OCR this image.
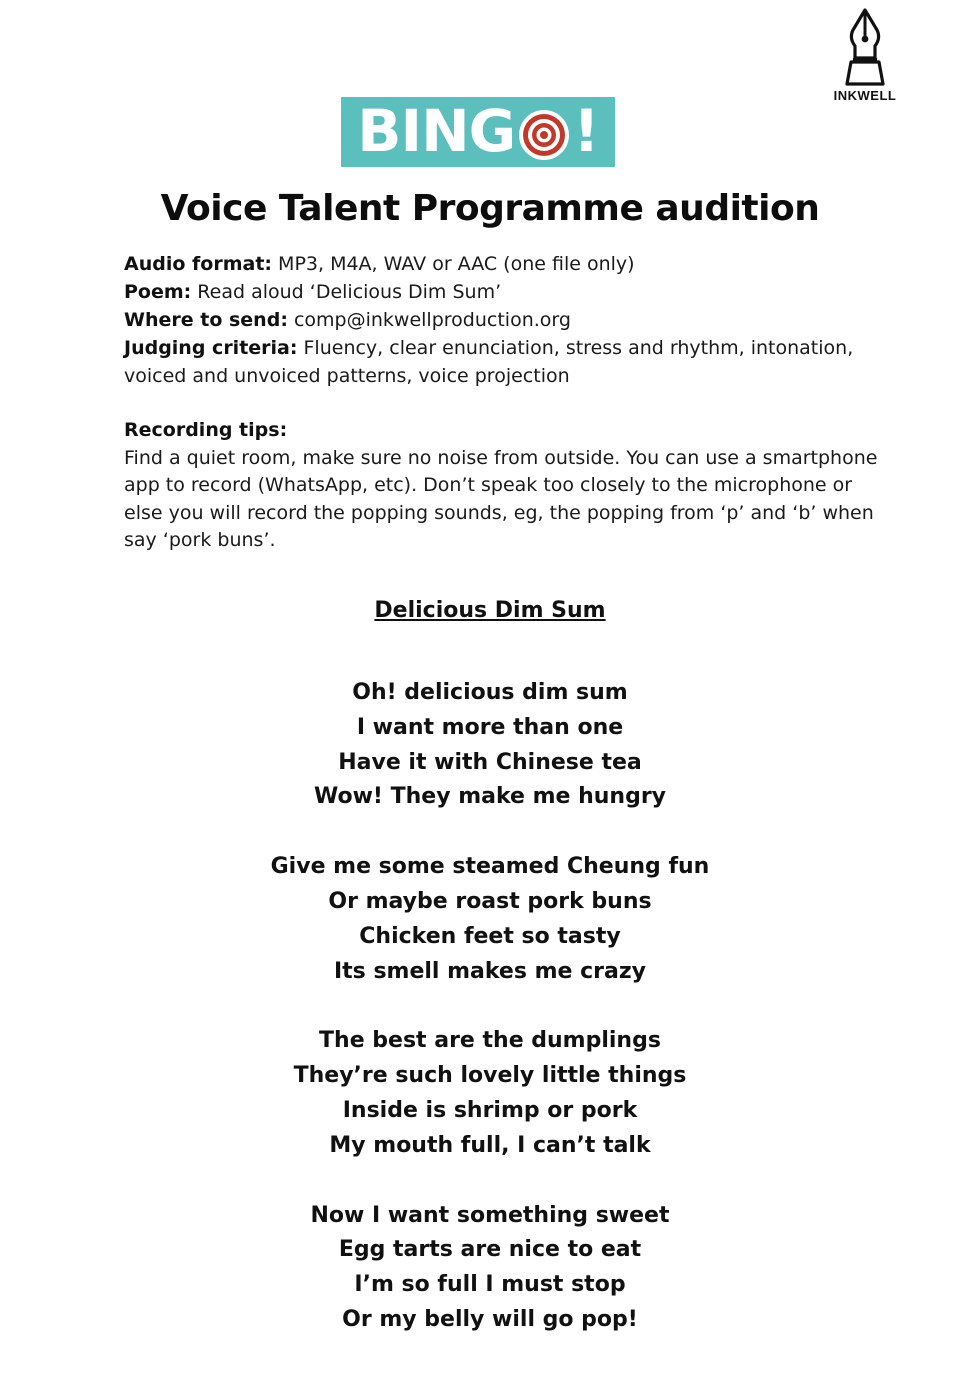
INKWELL
BING !
Voice Talent Programme audition

Audio format: MP3, M4A, WAV or AAC (one file only)

Poem: Read aloud ‘Delicious Dim Sum’

Where to send: comp@inkwellproduction.org

Judging criteria: Fluency, clear enunciation, stress and rhythm, intonation, voiced and unvoiced patterns, voice projection

Recording tips:

Find a quiet room, make sure no noise from outside. You can use a smartphone app to record (WhatsApp, etc). Don’t speak too closely to the microphone or else you will record the popping sounds, eg, the popping from ‘p’ and ‘b’ when say ‘pork buns’.

Delicious Dim Sum

Oh! delicious dim sum

I want more than one

Have it with Chinese tea

Wow! They make me hungry

Give me some steamed Cheung fun

Or maybe roast pork buns

Chicken feet so tasty

Its smell makes me crazy

The best are the dumplings

They’re such lovely little things

Inside is shrimp or pork

My mouth full, I can’t talk

Now I want something sweet

Egg tarts are nice to eat

I’m so full I must stop

Or my belly will go pop!
